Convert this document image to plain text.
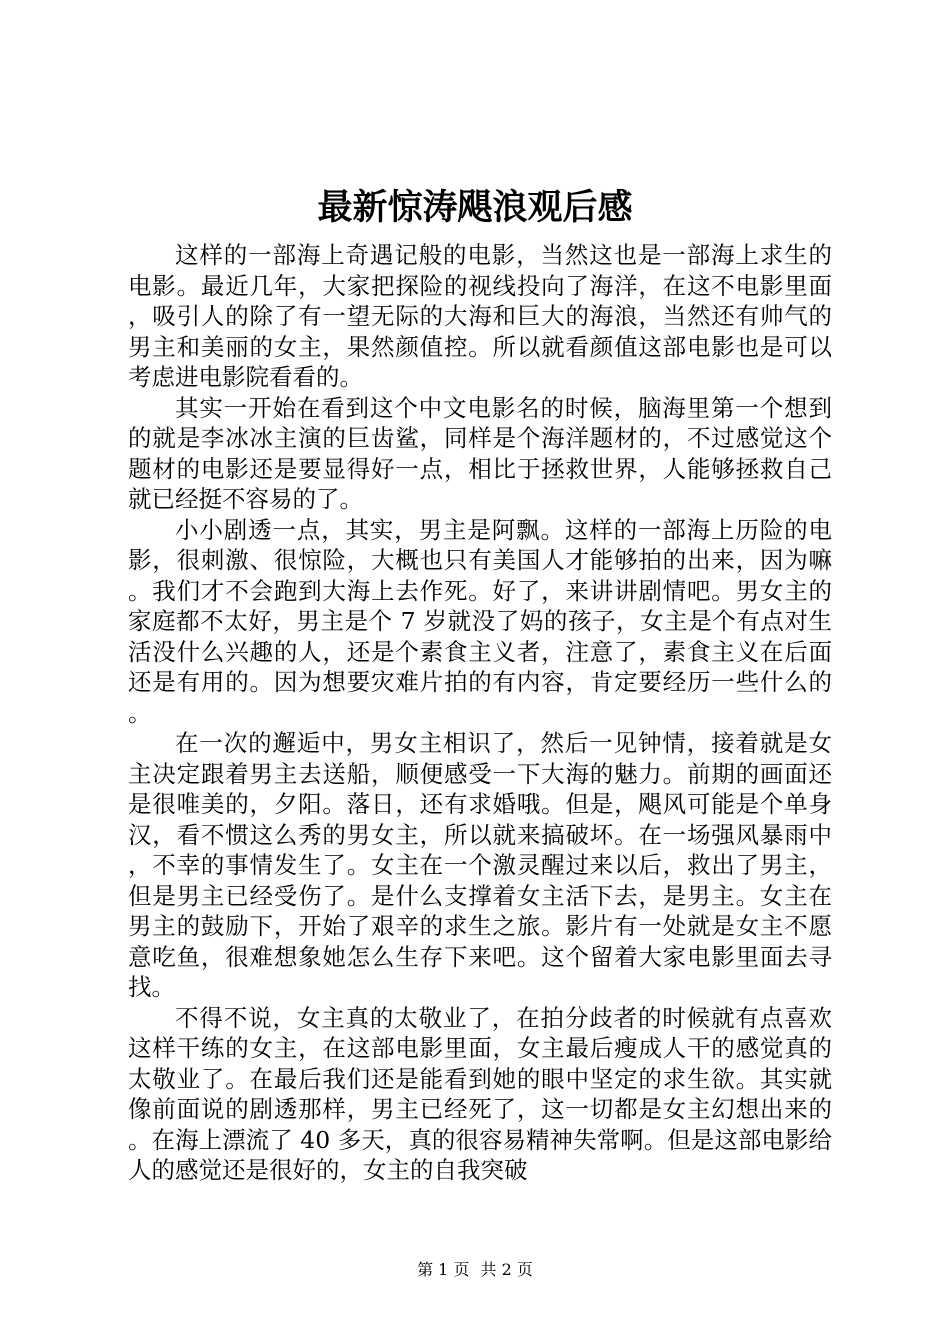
最新惊涛飓浪观后感

这样的一部海上奇遇记般的电影，当然这也是一部海上求生的电影。最近几年，大家把探险的视线投向了海洋，在这不电影里面，吸引人的除了有一望无际的大海和巨大的海浪，当然还有帅气的男主和美丽的女主，果然颜值控。所以就看颜值这部电影也是可以考虑进电影院看看的。

其实一开始在看到这个中文电影名的时候，脑海里第一个想到的就是李冰冰主演的巨齿鲨，同样是个海洋题材的，不过感觉这个题材的电影还是要显得好一点，相比于拯救世界，人能够拯救自己就已经挺不容易的了。

小小剧透一点，其实，男主是阿飘。这样的一部海上历险的电影，很刺激、很惊险，大概也只有美国人才能够拍的出来，因为嘛。我们才不会跑到大海上去作死。好了，来讲讲剧情吧。男女主的家庭都不太好，男主是个 7 岁就没了妈的孩子，女主是个有点对生活没什么兴趣的人，还是个素食主义者，注意了，素食主义在后面还是有用的。因为想要灾难片拍的有内容，肯定要经历一些什么的。

在一次的邂逅中，男女主相识了，然后一见钟情，接着就是女主决定跟着男主去送船，顺便感受一下大海的魅力。前期的画面还是很唯美的，夕阳。落日，还有求婚哦。但是，飓风可能是个单身汉，看不惯这么秀的男女主，所以就来搞破坏。在一场强风暴雨中，不幸的事情发生了。女主在一个激灵醒过来以后，救出了男主，但是男主已经受伤了。是什么支撑着女主活下去，是男主。女主在男主的鼓励下，开始了艰辛的求生之旅。影片有一处就是女主不愿意吃鱼，很难想象她怎么生存下来吧。这个留着大家电影里面去寻找。

不得不说，女主真的太敬业了，在拍分歧者的时候就有点喜欢这样干练的女主，在这部电影里面，女主最后瘦成人干的感觉真的太敬业了。在最后我们还是能看到她的眼中坚定的求生欲。其实就像前面说的剧透那样，男主已经死了，这一切都是女主幻想出来的。在海上漂流了 40 多天，真的很容易精神失常啊。但是这部电影给人的感觉还是很好的，女主的自我突破

第 1 页 共 2 页
